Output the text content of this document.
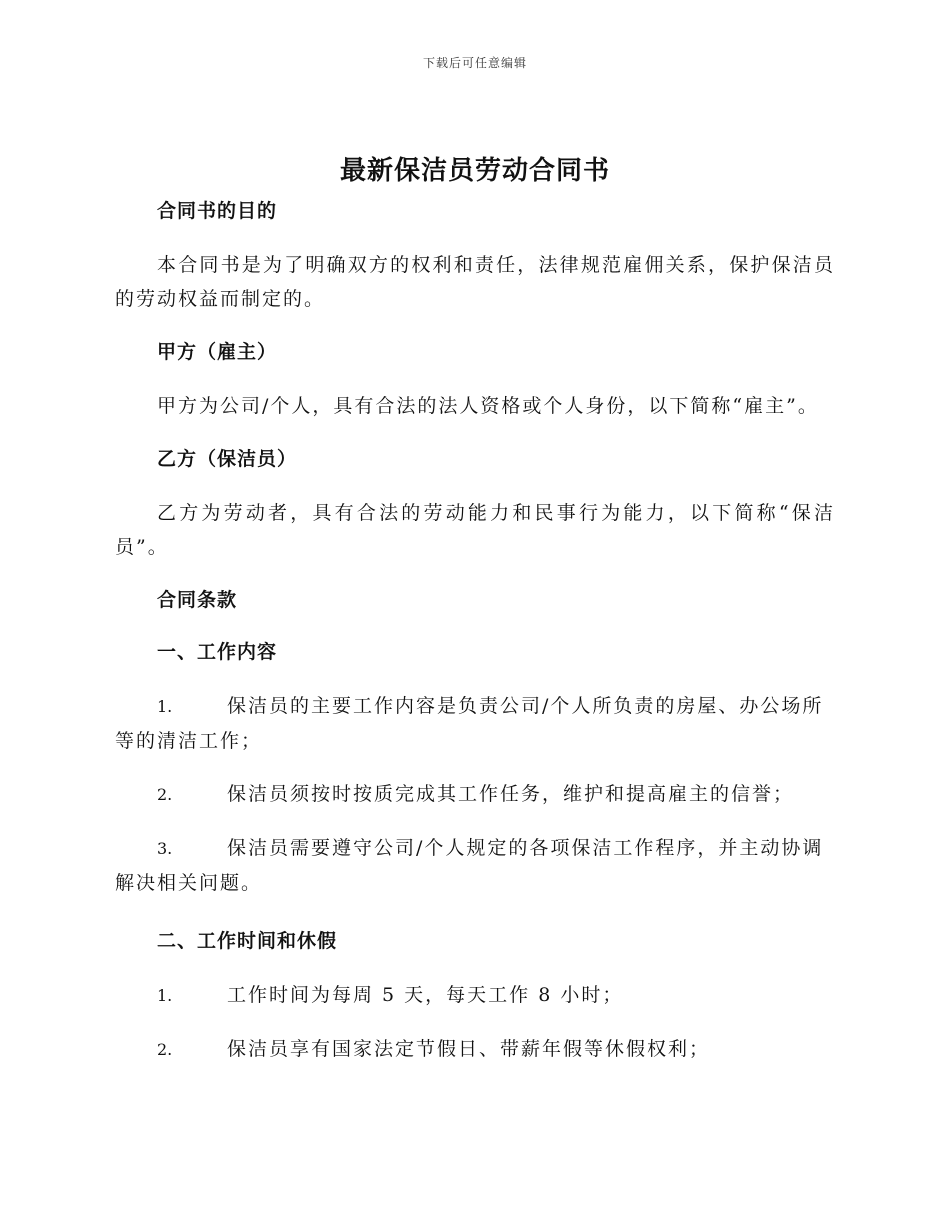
下载后可任意编辑
最新保洁员劳动合同书

合同书的目的

本合同书是为了明确双方的权利和责任，法律规范雇佣关系，保护保洁员的劳动权益而制定的。

甲方（雇主）

甲方为公司/个人，具有合法的法人资格或个人身份，以下简称“雇主”。

乙方（保洁员）

乙方为劳动者，具有合法的劳动能力和民事行为能力，以下简称“保洁员”。

合同条款

一、工作内容

1.	保洁员的主要工作内容是负责公司/个人所负责的房屋、办公场所等的清洁工作；
2.	保洁员须按时按质完成其工作任务，维护和提高雇主的信誉；
3.	保洁员需要遵守公司/个人规定的各项保洁工作程序，并主动协调解决相关问题。

二、工作时间和休假

1.	工作时间为每周 5 天，每天工作 8 小时；
2.	保洁员享有国家法定节假日、带薪年假等休假权利；
